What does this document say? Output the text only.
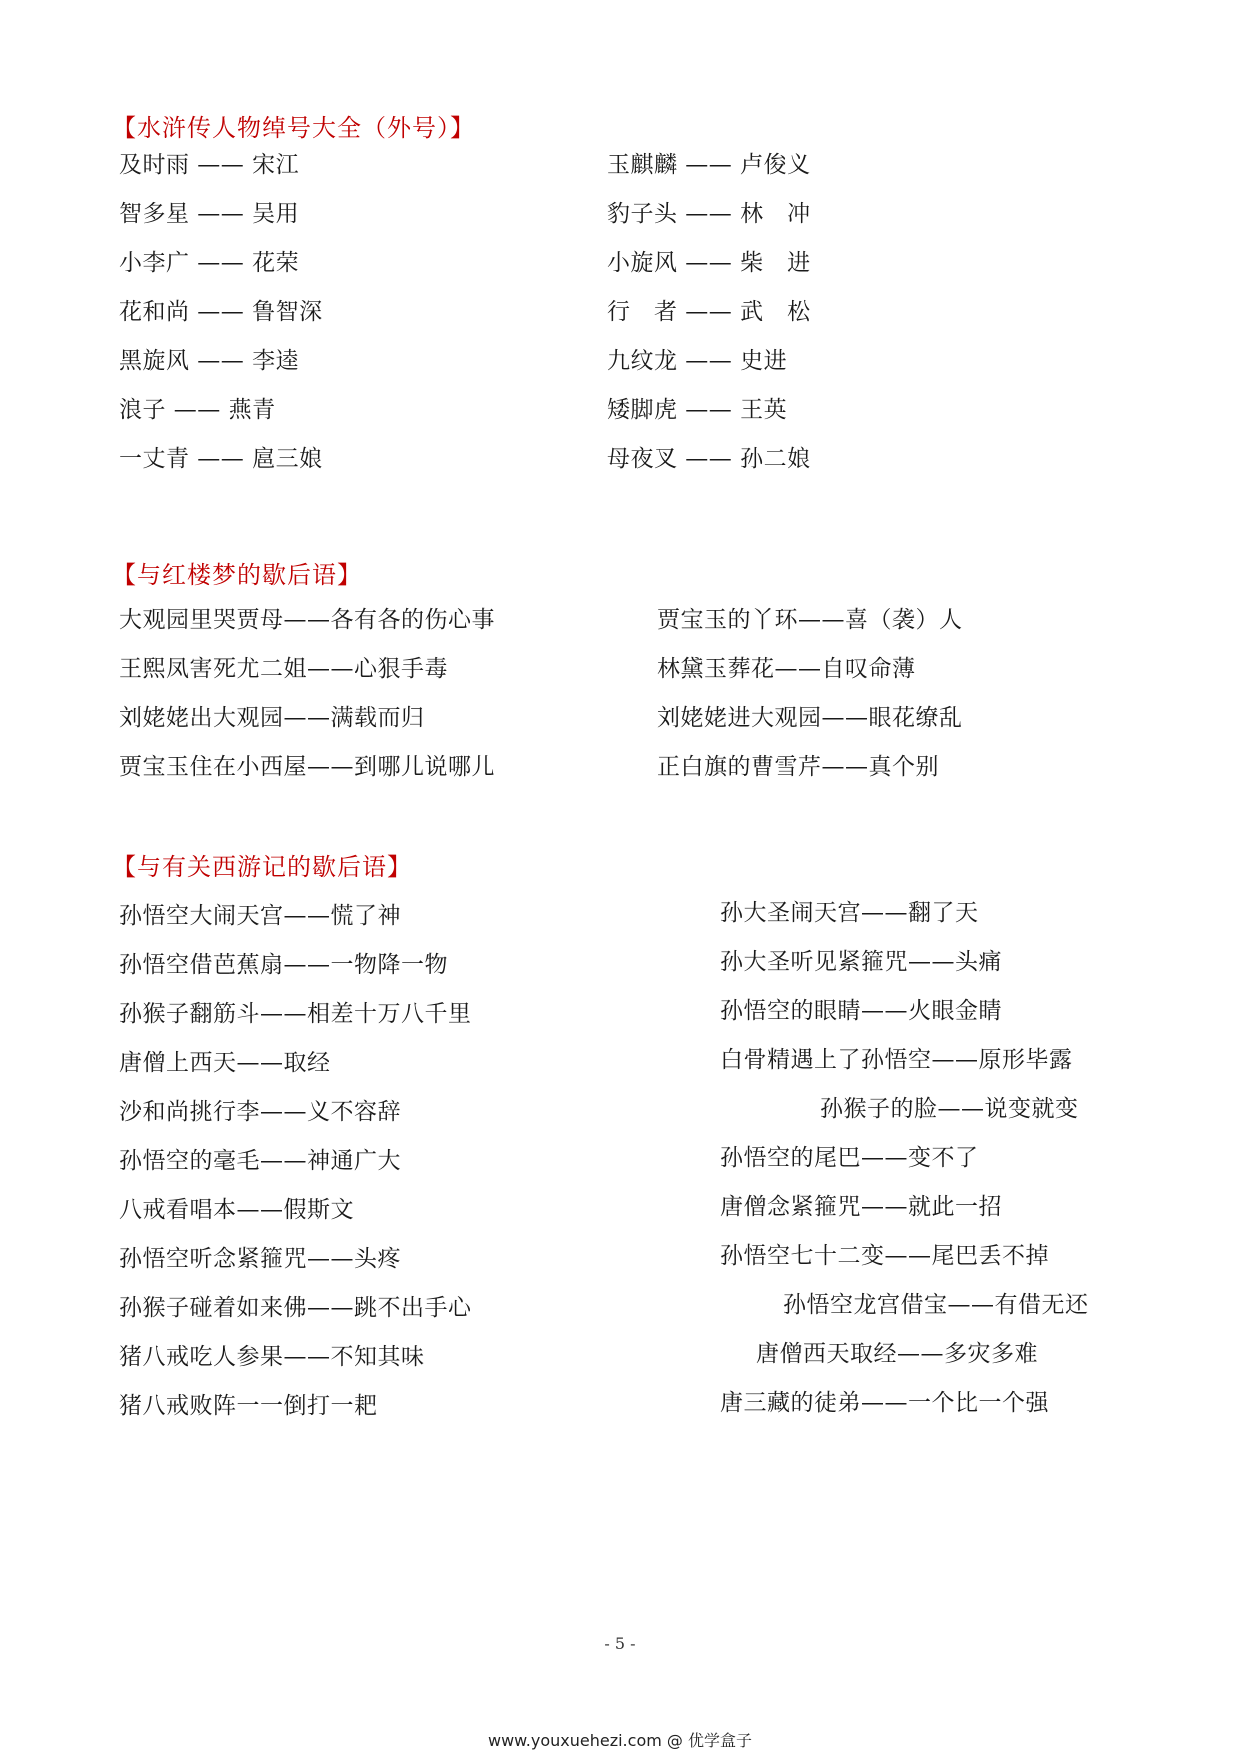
【水浒传人物绰号大全（外号）】
及时雨 —— 宋江
智多星 —— 吴用
小李广 —— 花荣
花和尚 —— 鲁智深
黑旋风 —— 李逵
浪子 —— 燕青
一丈青 —— 扈三娘
玉麒麟 —— 卢俊义
豹子头 —— 林　冲
小旋风 —— 柴　进
行　者 —— 武　松
九纹龙 —— 史进
矮脚虎 —— 王英
母夜叉 —— 孙二娘
【与红楼梦的歇后语】
大观园里哭贾母——各有各的伤心事
王熙凤害死尤二姐——心狠手毒
刘姥姥出大观园——满载而归
贾宝玉住在小西屋——到哪儿说哪儿
贾宝玉的丫环——喜（袭）人
林黛玉葬花——自叹命薄
刘姥姥进大观园——眼花缭乱
正白旗的曹雪芹——真个别
【与有关西游记的歇后语】
孙悟空大闹天宫——慌了神
孙悟空借芭蕉扇——一物降一物
孙猴子翻筋斗——相差十万八千里
唐僧上西天——取经
沙和尚挑行李——义不容辞
孙悟空的毫毛——神通广大
八戒看唱本——假斯文
孙悟空听念紧箍咒——头疼
孙猴子碰着如来佛——跳不出手心
猪八戒吃人参果——不知其味
猪八戒败阵一一倒打一耙
孙大圣闹天宫——翻了天
孙大圣听见紧箍咒——头痛
孙悟空的眼睛——火眼金睛
白骨精遇上了孙悟空——原形毕露
孙猴子的脸——说变就变
孙悟空的尾巴——变不了
唐僧念紧箍咒——就此一招
孙悟空七十二变——尾巴丢不掉
孙悟空龙宫借宝——有借无还
唐僧西天取经——多灾多难
唐三藏的徒弟——一个比一个强
- 5 -
www.youxuehezi.com @ 优学盒子
